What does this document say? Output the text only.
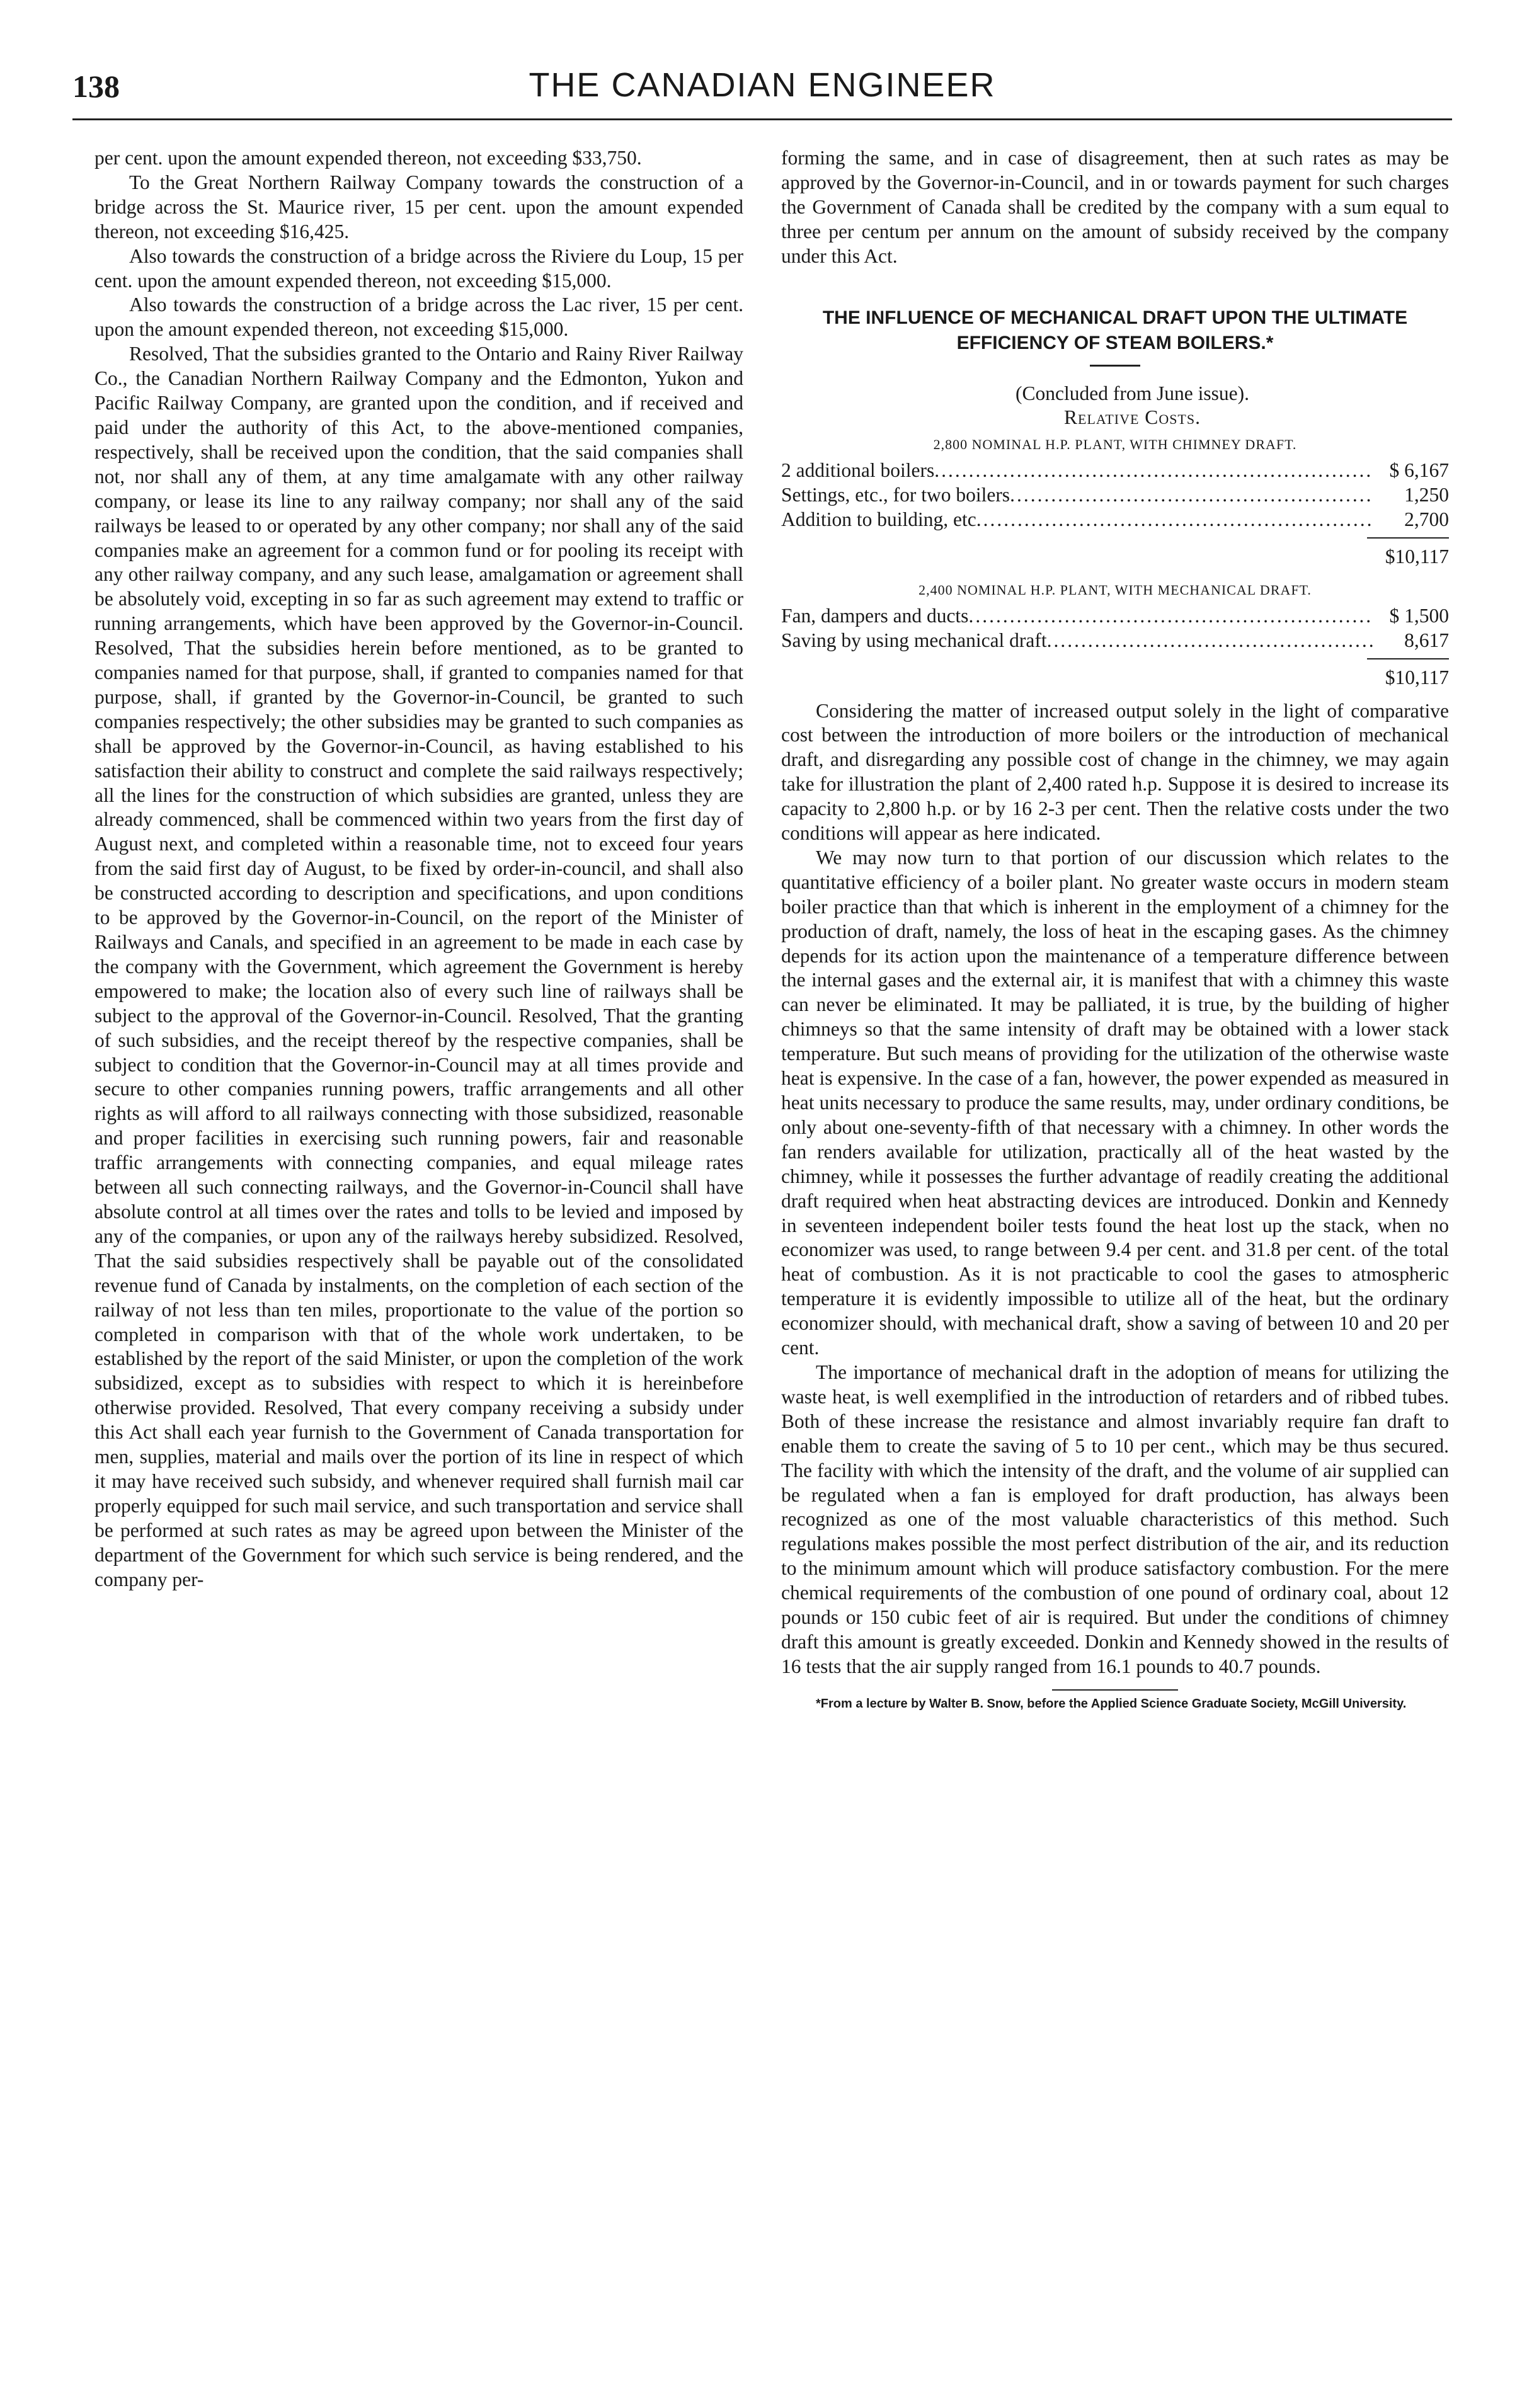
138	THE CANADIAN ENGINEER

per cent. upon the amount expended thereon, not exceeding $33,750.

To the Great Northern Railway Company towards the construction of a bridge across the St. Maurice river, 15 per cent. upon the amount expended thereon, not exceeding $16,425.

Also towards the construction of a bridge across the Riviere du Loup, 15 per cent. upon the amount expended thereon, not exceeding $15,000.

Also towards the construction of a bridge across the Lac river, 15 per cent. upon the amount expended thereon, not exceeding $15,000.

Resolved, That the subsidies granted to the Ontario and Rainy River Railway Co., the Canadian Northern Railway Company and the Edmonton, Yukon and Pacific Railway Company, are granted upon the condition, and if received and paid under the authority of this Act, to the above-mentioned companies, respectively, shall be received upon the condition, that the said companies shall not, nor shall any of them, at any time amalgamate with any other railway company, or lease its line to any railway company; nor shall any of the said railways be leased to or operated by any other company; nor shall any of the said companies make an agreement for a common fund or for pooling its receipt with any other railway company, and any such lease, amalgamation or agreement shall be absolutely void, excepting in so far as such agreement may extend to traffic or running arrangements, which have been approved by the Governor-in-Council. Resolved, That the subsidies herein before mentioned, as to be granted to companies named for that purpose, shall, if granted to companies named for that purpose, shall, if granted by the Governor-in-Council, be granted to such companies respectively; the other subsidies may be granted to such companies as shall be approved by the Governor-in-Council, as having established to his satisfaction their ability to construct and complete the said railways respectively; all the lines for the construction of which subsidies are granted, unless they are already commenced, shall be commenced within two years from the first day of August next, and completed within a reasonable time, not to exceed four years from the said first day of August, to be fixed by order-in-council, and shall also be constructed according to description and specifications, and upon conditions to be approved by the Governor-in-Council, on the report of the Minister of Railways and Canals, and specified in an agreement to be made in each case by the company with the Government, which agreement the Government is hereby empowered to make; the location also of every such line of railways shall be subject to the approval of the Governor-in-Council. Resolved, That the granting of such subsidies, and the receipt thereof by the respective companies, shall be subject to condition that the Governor-in-Council may at all times provide and secure to other companies running powers, traffic arrangements and all other rights as will afford to all railways connecting with those subsidized, reasonable and proper facilities in exercising such running powers, fair and reasonable traffic arrangements with connecting companies, and equal mileage rates between all such connecting railways, and the Governor-in-Council shall have absolute control at all times over the rates and tolls to be levied and imposed by any of the companies, or upon any of the railways hereby subsidized. Resolved, That the said subsidies respectively shall be payable out of the consolidated revenue fund of Canada by instalments, on the completion of each section of the railway of not less than ten miles, proportionate to the value of the portion so completed in comparison with that of the whole work undertaken, to be established by the report of the said Minister, or upon the completion of the work subsidized, except as to subsidies with respect to which it is hereinbefore otherwise provided. Resolved, That every company receiving a subsidy under this Act shall each year furnish to the Government of Canada transportation for men, supplies, material and mails over the portion of its line in respect of which it may have received such subsidy, and whenever required shall furnish mail car properly equipped for such mail service, and such transportation and service shall be performed at such rates as may be agreed upon between the Minister of the department of the Government for which such service is being rendered, and the company per-

forming the same, and in case of disagreement, then at such rates as may be approved by the Governor-in-Council, and in or towards payment for such charges the Government of Canada shall be credited by the company with a sum equal to three per centum per annum on the amount of subsidy received by the company under this Act.

THE INFLUENCE OF MECHANICAL DRAFT UPON THE ULTIMATE EFFICIENCY OF STEAM BOILERS.*

(Concluded from June issue).

Relative Costs.

2,800 NOMINAL H.P. PLANT, WITH CHIMNEY DRAFT.
2 additional boilers .....	$ 6,167
Settings, etc., for two boilers .....	1,250
Addition to building, etc .....	2,700
$10,117
2,400 NOMINAL H.P. PLANT, WITH MECHANICAL DRAFT.
Fan, dampers and ducts .....	$ 1,500
Saving by using mechanical draft .....	8,617
$10,117

Considering the matter of increased output solely in the light of comparative cost between the introduction of more boilers or the introduction of mechanical draft, and disregarding any possible cost of change in the chimney, we may again take for illustration the plant of 2,400 rated h.p. Suppose it is desired to increase its capacity to 2,800 h.p. or by 16 2-3 per cent. Then the relative costs under the two conditions will appear as here indicated.

We may now turn to that portion of our discussion which relates to the quantitative efficiency of a boiler plant. No greater waste occurs in modern steam boiler practice than that which is inherent in the employment of a chimney for the production of draft, namely, the loss of heat in the escaping gases. As the chimney depends for its action upon the maintenance of a temperature difference between the internal gases and the external air, it is manifest that with a chimney this waste can never be eliminated. It may be palliated, it is true, by the building of higher chimneys so that the same intensity of draft may be obtained with a lower stack temperature. But such means of providing for the utilization of the otherwise waste heat is expensive. In the case of a fan, however, the power expended as measured in heat units necessary to produce the same results, may, under ordinary conditions, be only about one-seventy-fifth of that necessary with a chimney. In other words the fan renders available for utilization, practically all of the heat wasted by the chimney, while it possesses the further advantage of readily creating the additional draft required when heat abstracting devices are introduced. Donkin and Kennedy in seventeen independent boiler tests found the heat lost up the stack, when no economizer was used, to range between 9.4 per cent. and 31.8 per cent. of the total heat of combustion. As it is not practicable to cool the gases to atmospheric temperature it is evidently impossible to utilize all of the heat, but the ordinary economizer should, with mechanical draft, show a saving of between 10 and 20 per cent.

The importance of mechanical draft in the adoption of means for utilizing the waste heat, is well exemplified in the introduction of retarders and of ribbed tubes. Both of these increase the resistance and almost invariably require fan draft to enable them to create the saving of 5 to 10 per cent., which may be thus secured. The facility with which the intensity of the draft, and the volume of air supplied can be regulated when a fan is employed for draft production, has always been recognized as one of the most valuable characteristics of this method. Such regulations makes possible the most perfect distribution of the air, and its reduction to the minimum amount which will produce satisfactory combustion. For the mere chemical requirements of the combustion of one pound of ordinary coal, about 12 pounds or 150 cubic feet of air is required. But under the conditions of chimney draft this amount is greatly exceeded. Donkin and Kennedy showed in the results of 16 tests that the air supply ranged from 16.1 pounds to 40.7 pounds.

*From a lecture by Walter B. Snow, before the Applied Science Graduate Society, McGill University.
